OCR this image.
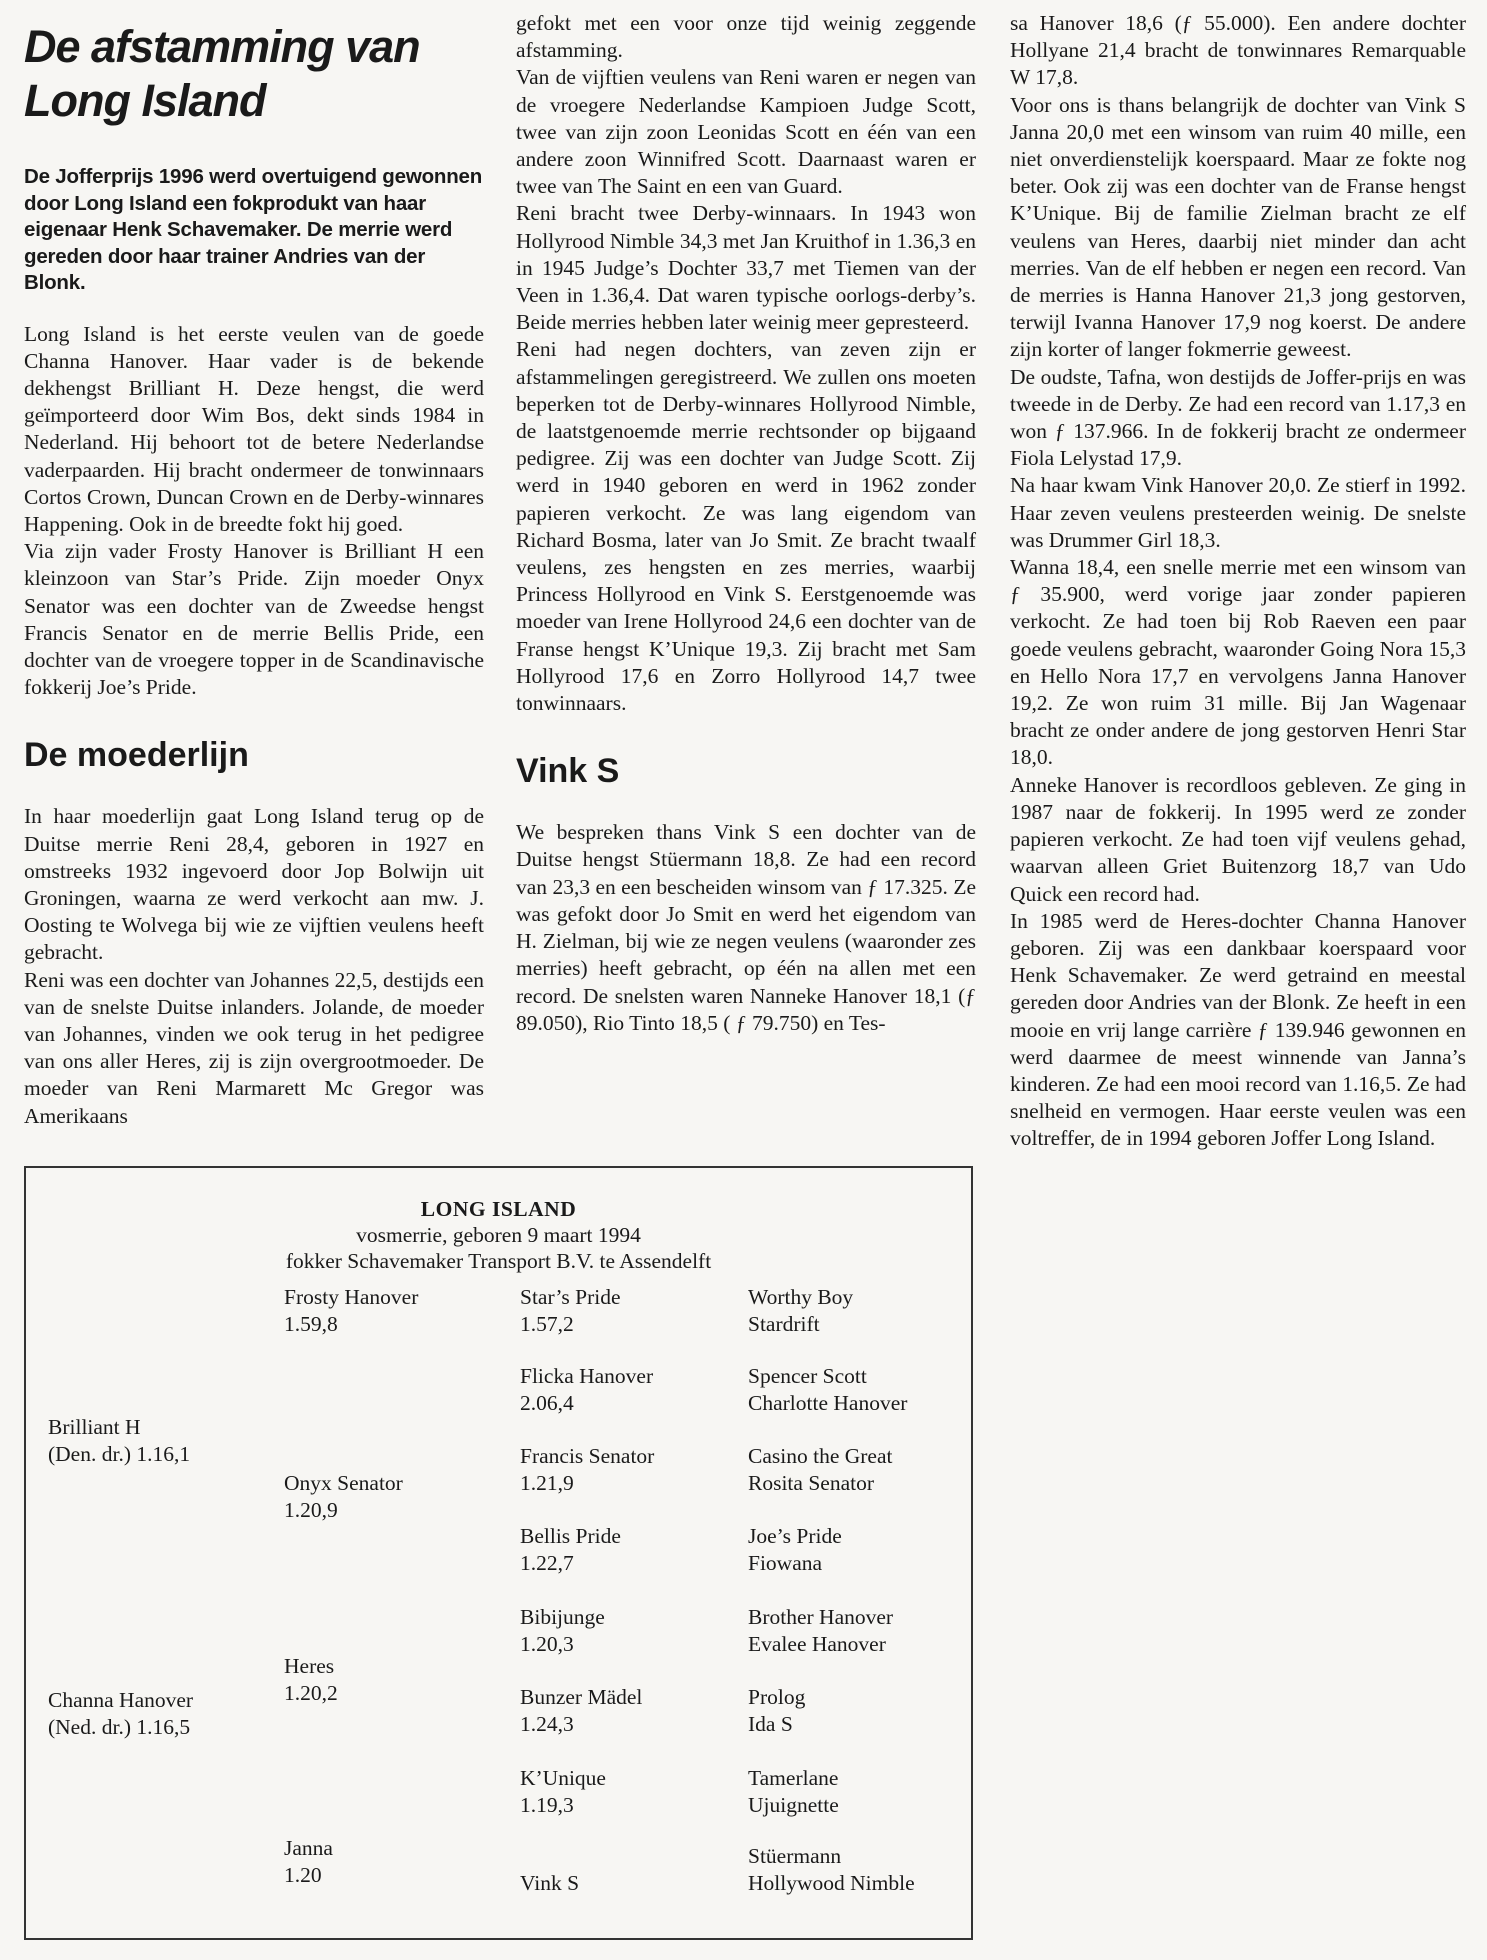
De afstamming van
Long Island

De Jofferprijs 1996 werd overtuigend gewonnen door Long Island een fokprodukt van haar eigenaar Henk Schavemaker. De merrie werd gereden door haar trainer Andries van der Blonk.

Long Island is het eerste veulen van de goede Channa Hanover. Haar vader is de bekende dekhengst Brilliant H. Deze hengst, die werd geïmporteerd door Wim Bos, dekt sinds 1984 in Nederland. Hij behoort tot de betere Nederlandse vaderpaarden. Hij bracht ondermeer de tonwinnaars Cortos Crown, Duncan Crown en de Derby-winnares Happening. Ook in de breedte fokt hij goed.

Via zijn vader Frosty Hanover is Brilliant H een kleinzoon van Star’s Pride. Zijn moeder Onyx Senator was een dochter van de Zweedse hengst Francis Senator en de merrie Bellis Pride, een dochter van de vroegere topper in de Scandinavische fokkerij Joe’s Pride.

De moederlijn

In haar moederlijn gaat Long Island terug op de Duitse merrie Reni 28,4, geboren in 1927 en omstreeks 1932 ingevoerd door Jop Bolwijn uit Groningen, waarna ze werd verkocht aan mw. J. Oosting te Wolvega bij wie ze vijftien veulens heeft gebracht.

Reni was een dochter van Johannes 22,5, destijds een van de snelste Duitse inlanders. Jolande, de moeder van Johannes, vinden we ook terug in het pedigree van ons aller Heres, zij is zijn overgrootmoeder. De moeder van Reni Marmarett Mc Gregor was Amerikaans

gefokt met een voor onze tijd weinig zeggende afstamming.

Van de vijftien veulens van Reni waren er negen van de vroegere Nederlandse Kampioen Judge Scott, twee van zijn zoon Leonidas Scott en één van een andere zoon Winnifred Scott. Daarnaast waren er twee van The Saint en een van Guard.

Reni bracht twee Derby-winnaars. In 1943 won Hollyrood Nimble 34,3 met Jan Kruithof in 1.36,3 en in 1945 Judge’s Dochter 33,7 met Tiemen van der Veen in 1.36,4. Dat waren typische oorlogs-derby’s. Beide merries hebben later weinig meer gepresteerd.

Reni had negen dochters, van zeven zijn er afstammelingen geregistreerd. We zullen ons moeten beperken tot de Derby-winnares Hollyrood Nimble, de laatstgenoemde merrie rechtsonder op bijgaand pedigree. Zij was een dochter van Judge Scott. Zij werd in 1940 geboren en werd in 1962 zonder papieren verkocht. Ze was lang eigendom van Richard Bosma, later van Jo Smit. Ze bracht twaalf veulens, zes hengsten en zes merries, waarbij Princess Hollyrood en Vink S. Eerstgenoemde was moeder van Irene Hollyrood 24,6 een dochter van de Franse hengst K’Unique 19,3. Zij bracht met Sam Hollyrood 17,6 en Zorro Hollyrood 14,7 twee tonwinnaars.

Vink S

We bespreken thans Vink S een dochter van de Duitse hengst Stüermann 18,8. Ze had een record van 23,3 en een bescheiden winsom van ƒ 17.325. Ze was gefokt door Jo Smit en werd het eigendom van H. Zielman, bij wie ze negen veulens (waaronder zes merries) heeft gebracht, op één na allen met een record. De snelsten waren Nanneke Hanover 18,1 (ƒ 89.050), Rio Tinto 18,5 ( ƒ 79.750) en Tes-

sa Hanover 18,6 (ƒ 55.000). Een andere dochter Hollyane 21,4 bracht de tonwinnares Remarquable W 17,8.

Voor ons is thans belangrijk de dochter van Vink S Janna 20,0 met een winsom van ruim 40 mille, een niet onverdienstelijk koerspaard. Maar ze fokte nog beter. Ook zij was een dochter van de Franse hengst K’Unique. Bij de familie Zielman bracht ze elf veulens van Heres, daarbij niet minder dan acht merries. Van de elf hebben er negen een record. Van de merries is Hanna Hanover 21,3 jong gestorven, terwijl Ivanna Hanover 17,9 nog koerst. De andere zijn korter of langer fokmerrie geweest.

De oudste, Tafna, won destijds de Joffer-prijs en was tweede in de Derby. Ze had een record van 1.17,3 en won ƒ 137.966. In de fokkerij bracht ze ondermeer Fiola Lelystad 17,9.

Na haar kwam Vink Hanover 20,0. Ze stierf in 1992. Haar zeven veulens presteerden weinig. De snelste was Drummer Girl 18,3.

Wanna 18,4, een snelle merrie met een winsom van ƒ 35.900, werd vorige jaar zonder papieren verkocht. Ze had toen bij Rob Raeven een paar goede veulens gebracht, waaronder Going Nora 15,3 en Hello Nora 17,7 en vervolgens Janna Hanover 19,2. Ze won ruim 31 mille. Bij Jan Wagenaar bracht ze onder andere de jong gestorven Henri Star 18,0.

Anneke Hanover is recordloos gebleven. Ze ging in 1987 naar de fokkerij. In 1995 werd ze zonder papieren verkocht. Ze had toen vijf veulens gehad, waarvan alleen Griet Buitenzorg 18,7 van Udo Quick een record had.

In 1985 werd de Heres-dochter Channa Hanover geboren. Zij was een dankbaar koerspaard voor Henk Schavemaker. Ze werd getraind en meestal gereden door Andries van der Blonk. Ze heeft in een mooie en vrij lange carrière ƒ 139.946 gewonnen en werd daarmee de meest winnende van Janna’s kinderen. Ze had een mooi record van 1.16,5. Ze had snelheid en vermogen. Haar eerste veulen was een voltreffer, de in 1994 geboren Joffer Long Island.

LONG ISLAND
vosmerrie, geboren 9 maart 1994
fokker Schavemaker Transport B.V. te Assendelft
Brilliant H
(Den. dr.) 1.16,1
Channa Hanover
(Ned. dr.) 1.16,5
Frosty Hanover
1.59,8
Onyx Senator
1.20,9
Heres
1.20,2
Janna
1.20
Star’s Pride
1.57,2
Flicka Hanover
2.06,4
Francis Senator
1.21,9
Bellis Pride
1.22,7
Bibijunge
1.20,3
Bunzer Mädel
1.24,3
K’Unique
1.19,3
Vink S
Worthy Boy
Stardrift
Spencer Scott
Charlotte Hanover
Casino the Great
Rosita Senator
Joe’s Pride
Fiowana
Brother Hanover
Evalee Hanover
Prolog
Ida S
Tamerlane
Ujuignette
Stüermann
Hollywood Nimble
